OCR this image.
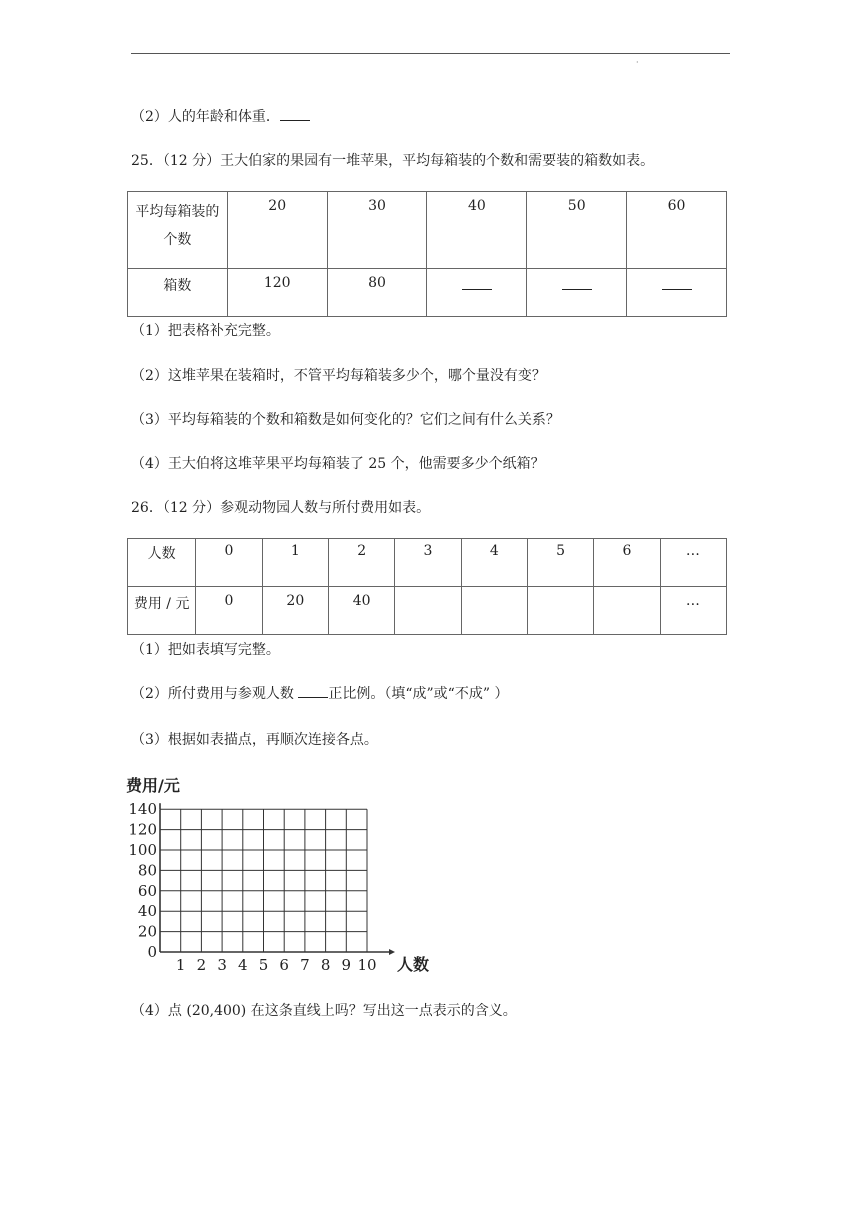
·
（2）人的年龄和体重．
25．（12 分）王大伯家的果园有一堆苹果，平均每箱装的个数和需要装的箱数如表。
平均每箱装的
个数	20	30	40	50	60
箱数	120	80			
（1）把表格补充完整。
（2）这堆苹果在装箱时，不管平均每箱装多少个，哪个量没有变？
（3）平均每箱装的个数和箱数是如何变化的？它们之间有什么关系？
（4）王大伯将这堆苹果平均每箱装了 25 个，他需要多少个纸箱？
26．（12 分）参观动物园人数与所付费用如表。
人数	0	1	2	3	4	5	6	…
费用 / 元	0	20	40					…
（1）把如表填写完整。
（2）所付费用与参观人数 正比例。（填“成”或“不成” ）
（3）根据如表描点，再顺次连接各点。
0
20
40
60
80
100
120
140
1 2 3 4 5 6 7 8 9 10
费用/元
人数
（4）点 (20,400) 在这条直线上吗？写出这一点表示的含义。
